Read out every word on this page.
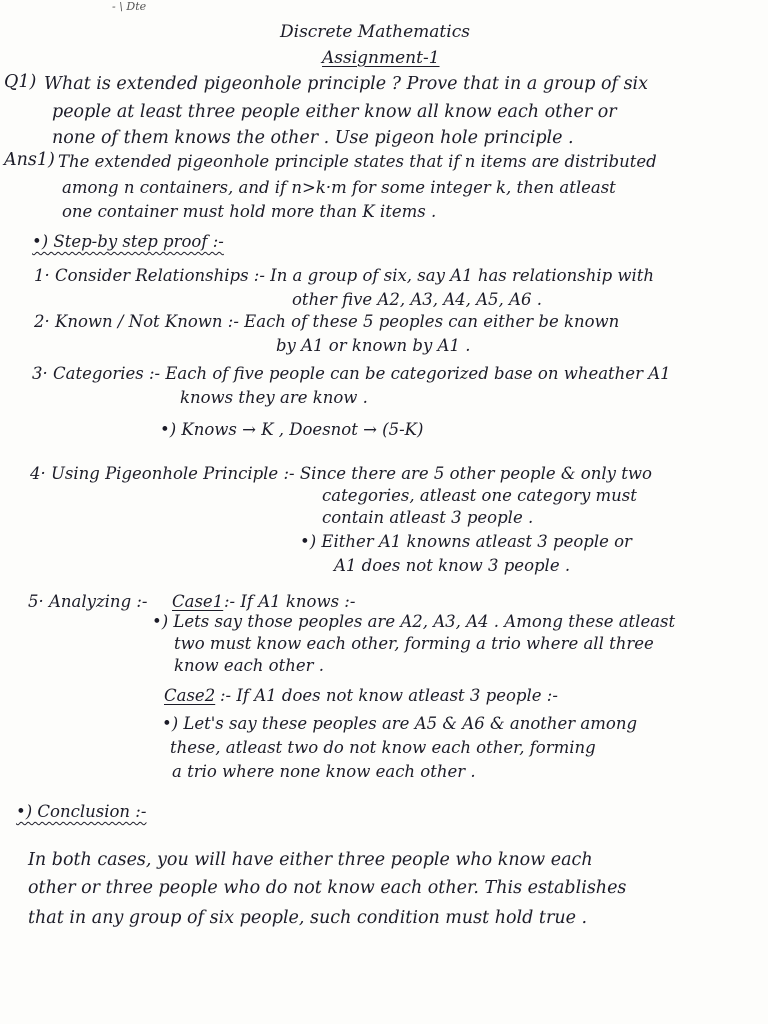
- \ Dte
Discrete Mathematics
Assignment-1
Q1) What is extended pigeonhole principle ? Prove that in a group of six
people at least three people either know all know each other or
none of them knows the other . Use pigeon hole principle .
Ans1) The extended pigeonhole principle states that if n items are distributed
among n containers, and if n>k·m for some integer k, then atleast
one container must hold more than K items .
•) Step-by step proof :-
1· Consider Relationships :- In a group of six, say A1 has relationship with
other five A2, A3, A4, A5, A6 .
2· Known / Not Known :- Each of these 5 peoples can either be known
by A1 or known by A1 .
3· Categories :- Each of five people can be categorized base on wheather A1
knows they are know .
•) Knows → K , Doesnot → (5-K)
4· Using Pigeonhole Principle :- Since there are 5 other people & only two
categories, atleast one category must
contain atleast 3 people .
•) Either A1 knowns atleast 3 people or
A1 does not know 3 people .
5· Analyzing :- Case1 :- If A1 knows :-
•) Lets say those peoples are A2, A3, A4 . Among these atleast
two must know each other, forming a trio where all three
know each other .
Case2 :- If A1 does not know atleast 3 people :-
•) Let's say these peoples are A5 & A6 & another among
these, atleast two do not know each other, forming
a trio where none know each other .
•) Conclusion :-
In both cases, you will have either three people who know each
other or three people who do not know each other. This establishes
that in any group of six people, such condition must hold true .
